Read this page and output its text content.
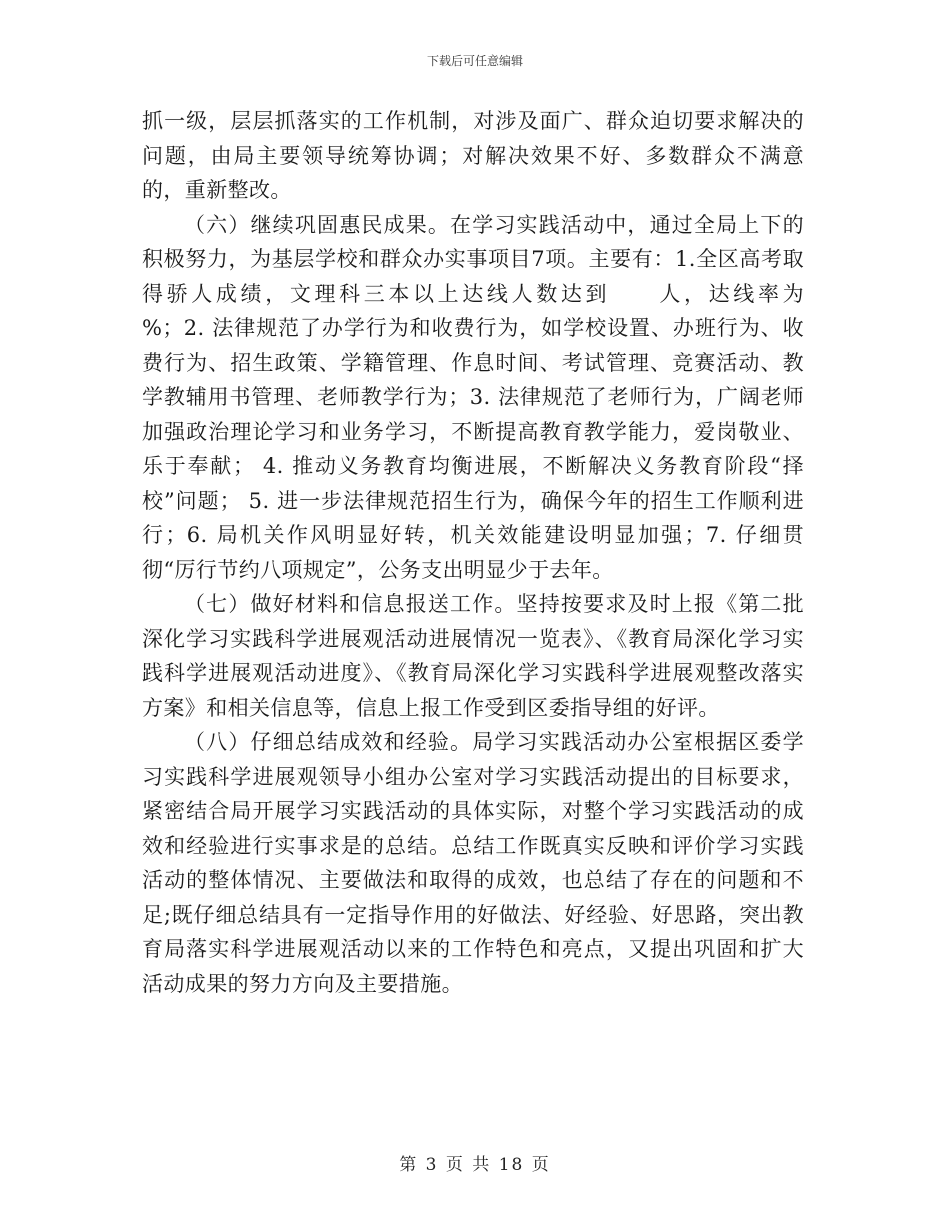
下载后可任意编辑

抓一级，层层抓落实的工作机制，对涉及面广、群众迫切要求解决的问题，由局主要领导统筹协调；对解决效果不好、多数群众不满意的，重新整改。

（六）继续巩固惠民成果。在学习实践活动中，通过全局上下的积极努力，为基层学校和群众办实事项目7项。主要有：1.全区高考取得骄人成绩，文理科三本以上达线人数达到　　人，达线率为　　%；2. 法律规范了办学行为和收费行为，如学校设置、办班行为、收费行为、招生政策、学籍管理、作息时间、考试管理、竞赛活动、教学教辅用书管理、老师教学行为；3. 法律规范了老师行为，广阔老师加强政治理论学习和业务学习，不断提高教育教学能力，爱岗敬业、乐于奉献； 4. 推动义务教育均衡进展，不断解决义务教育阶段“择校”问题； 5. 进一步法律规范招生行为，确保今年的招生工作顺利进行；6. 局机关作风明显好转，机关效能建设明显加强；7. 仔细贯彻“厉行节约八项规定”，公务支出明显少于去年。

（七）做好材料和信息报送工作。坚持按要求及时上报《第二批深化学习实践科学进展观活动进展情况一览表》、《教育局深化学习实践科学进展观活动进度》、《教育局深化学习实践科学进展观整改落实方案》和相关信息等，信息上报工作受到区委指导组的好评。

（八）仔细总结成效和经验。局学习实践活动办公室根据区委学习实践科学进展观领导小组办公室对学习实践活动提出的目标要求，紧密结合局开展学习实践活动的具体实际，对整个学习实践活动的成效和经验进行实事求是的总结。总结工作既真实反映和评价学习实践活动的整体情况、主要做法和取得的成效，也总结了存在的问题和不足;既仔细总结具有一定指导作用的好做法、好经验、好思路，突出教育局落实科学进展观活动以来的工作特色和亮点，又提出巩固和扩大活动成果的努力方向及主要措施。

第 3 页 共 18 页
